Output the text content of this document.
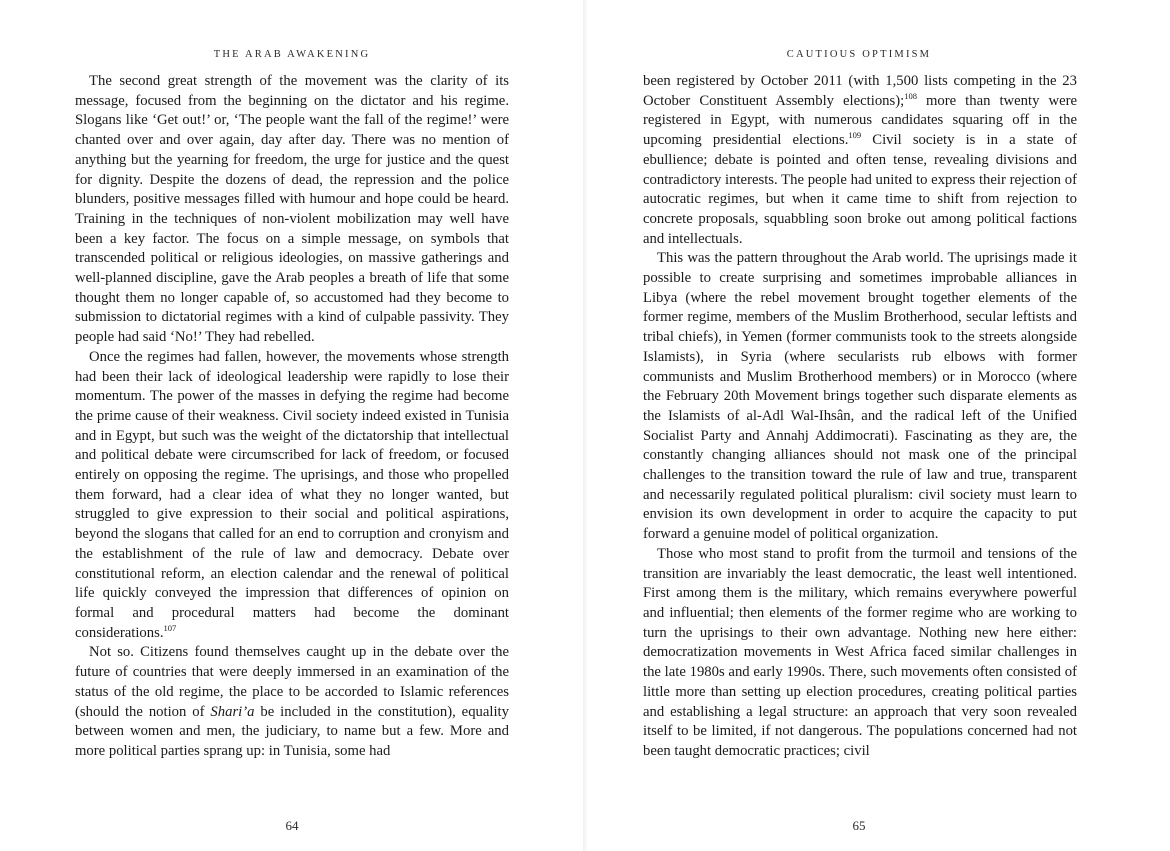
THE ARAB AWAKENING

The second great strength of the movement was the clarity of its message, focused from the beginning on the dictator and his regime. Slogans like ‘Get out!’ or, ‘The people want the fall of the regime!’ were chanted over and over again, day after day. There was no mention of anything but the yearning for freedom, the urge for justice and the quest for dignity. Despite the dozens of dead, the repression and the police blunders, positive messages filled with humour and hope could be heard. Training in the techniques of non-violent mobilization may well have been a key factor. The focus on a simple message, on symbols that transcended political or religious ideologies, on massive gatherings and well-planned discipline, gave the Arab peoples a breath of life that some thought them no longer capable of, so accustomed had they become to submission to dictatorial regimes with a kind of culpable passivity. They people had said ‘No!’ They had rebelled.

Once the regimes had fallen, however, the movements whose strength had been their lack of ideological leadership were rapidly to lose their momentum. The power of the masses in defying the regime had become the prime cause of their weakness. Civil society indeed existed in Tunisia and in Egypt, but such was the weight of the dictatorship that intellectual and political debate were circumscribed for lack of freedom, or focused entirely on opposing the regime. The uprisings, and those who propelled them forward, had a clear idea of what they no longer wanted, but struggled to give expression to their social and political aspirations, beyond the slogans that called for an end to corruption and cronyism and the establishment of the rule of law and democracy. Debate over constitutional reform, an election calendar and the renewal of political life quickly conveyed the impression that differences of opinion on formal and procedural matters had become the dominant considerations.$^{107}$

Not so. Citizens found themselves caught up in the debate over the future of countries that were deeply immersed in an examination of the status of the old regime, the place to be accorded to Islamic references (should the notion of Shari’a be included in the constitution), equality between women and men, the judiciary, to name but a few. More and more political parties sprang up: in Tunisia, some had

64
CAUTIOUS OPTIMISM

been registered by October 2011 (with 1,500 lists competing in the 23 October Constituent Assembly elections);$^{108}$ more than twenty were registered in Egypt, with numerous candidates squaring off in the upcoming presidential elections.$^{109}$ Civil society is in a state of ebullience; debate is pointed and often tense, revealing divisions and contradictory interests. The people had united to express their rejection of autocratic regimes, but when it came time to shift from rejection to concrete proposals, squabbling soon broke out among political factions and intellectuals.

This was the pattern throughout the Arab world. The uprisings made it possible to create surprising and sometimes improbable alliances in Libya (where the rebel movement brought together elements of the former regime, members of the Muslim Brotherhood, secular leftists and tribal chiefs), in Yemen (former communists took to the streets alongside Islamists), in Syria (where secularists rub elbows with former communists and Muslim Brotherhood members) or in Morocco (where the February 20th Movement brings together such disparate elements as the Islamists of al-Adl Wal-Ihsân, and the radical left of the Unified Socialist Party and Annahj Addimocrati). Fascinating as they are, the constantly changing alliances should not mask one of the principal challenges to the transition toward the rule of law and true, transparent and necessarily regulated political pluralism: civil society must learn to envision its own development in order to acquire the capacity to put forward a genuine model of political organization.

Those who most stand to profit from the turmoil and tensions of the transition are invariably the least democratic, the least well intentioned. First among them is the military, which remains everywhere powerful and influential; then elements of the former regime who are working to turn the uprisings to their own advantage. Nothing new here either: democratization movements in West Africa faced similar challenges in the late 1980s and early 1990s. There, such movements often consisted of little more than setting up election procedures, creating political parties and establishing a legal structure: an approach that very soon revealed itself to be limited, if not dangerous. The populations concerned had not been taught democratic practices; civil

65
